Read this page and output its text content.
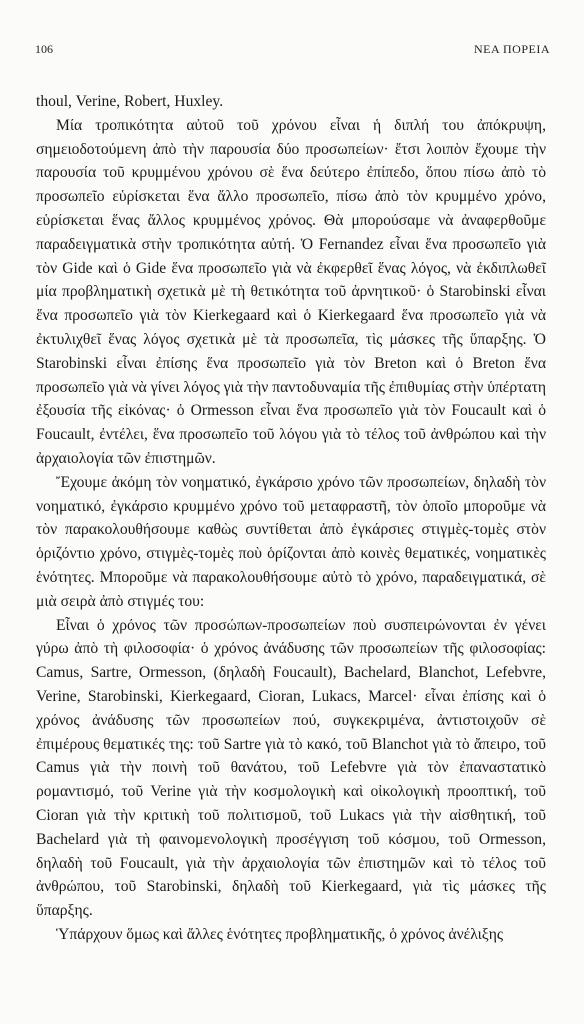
106	ΝΕΑ ΠΟΡΕΙΑ

thoul, Verine, Robert, Huxley.

Μία τροπικότητα αὐτοῦ τοῦ χρόνου εἶναι ἡ διπλή του ἀπόκρυψη, σημειοδοτούμενη ἀπὸ τὴν παρουσία δύο προσωπείων· ἔτσι λοιπὸν ἔχουμε τὴν παρουσία τοῦ κρυμμένου χρόνου σὲ ἕνα δεύτερο ἐπίπεδο, ὅπου πίσω ἀπὸ τὸ προσωπεῖο εὑρίσκεται ἕνα ἄλλο προσωπεῖο, πίσω ἀπὸ τὸν κρυμμένο χρόνο, εὑρίσκεται ἕνας ἄλλος κρυμμένος χρόνος. Θὰ μπορούσαμε νὰ ἀναφερθοῦμε παραδειγματικὰ στὴν τροπικότητα αὐτή. Ὁ Fernandez εἶναι ἕνα προσωπεῖο γιὰ τὸν Gide καὶ ὁ Gide ἕνα προσωπεῖο γιὰ νὰ ἐκφερθεῖ ἕνας λόγος, νὰ ἐκδιπλωθεῖ μία προβληματικὴ σχετικὰ μὲ τὴ θετικότητα τοῦ ἀρνητικοῦ· ὁ Starobinski εἶναι ἕνα προσωπεῖο γιὰ τὸν Kierkegaard καὶ ὁ Kierkegaard ἕνα προσωπεῖο γιὰ νὰ ἐκτυλιχθεῖ ἕνας λόγος σχετικὰ μὲ τὰ προσωπεῖα, τὶς μάσκες τῆς ὕπαρξης. Ὁ Starobinski εἶναι ἐπίσης ἕνα προσωπεῖο γιὰ τὸν Breton καὶ ὁ Breton ἕνα προσωπεῖο γιὰ νὰ γίνει λόγος γιὰ τὴν παντοδυναμία τῆς ἐπιθυμίας στὴν ὑπέρτατη ἐξουσία τῆς εἰκόνας· ὁ Ormesson εἶναι ἕνα προσωπεῖο γιὰ τὸν Foucault καὶ ὁ Foucault, ἐντέλει, ἕνα προσωπεῖο τοῦ λόγου γιὰ τὸ τέλος τοῦ ἀνθρώπου καὶ τὴν ἀρχαιολογία τῶν ἐπιστημῶν.

Ἔχουμε ἀκόμη τὸν νοηματικό, ἐγκάρσιο χρόνο τῶν προσωπείων, δηλαδὴ τὸν νοηματικό, ἐγκάρσιο κρυμμένο χρόνο τοῦ μεταφραστῆ, τὸν ὁποῖο μποροῦμε νὰ τὸν παρακολουθήσουμε καθὼς συντίθεται ἀπὸ ἐγκάρσιες στιγμὲς-τομὲς στὸν ὁριζόντιο χρόνο, στιγμὲς-τομὲς ποὺ ὁρίζονται ἀπὸ κοινὲς θεματικές, νοηματικὲς ἑνότητες. Μποροῦμε νὰ παρακολουθήσουμε αὐτὸ τὸ χρόνο, παραδειγματικά, σὲ μιὰ σειρὰ ἀπὸ στιγμές του:

Εἶναι ὁ χρόνος τῶν προσώπων-προσωπείων ποὺ συσπειρώνονται ἐν γένει γύρω ἀπὸ τὴ φιλοσοφία· ὁ χρόνος ἀνάδυσης τῶν προσωπείων τῆς φιλοσοφίας: Camus, Sartre, Ormesson, (δηλαδὴ Foucault), Bachelard, Blanchot, Lefebvre, Verine, Starobinski, Kierkegaard, Cioran, Lukacs, Marcel· εἶναι ἐπίσης καὶ ὁ χρόνος ἀνάδυσης τῶν προσωπείων πού, συγκεκριμένα, ἀντιστοιχοῦν σὲ ἐπιμέρους θεματικές της: τοῦ Sartre γιὰ τὸ κακό, τοῦ Blanchot γιὰ τὸ ἄπειρο, τοῦ Camus γιὰ τὴν ποινὴ τοῦ θανάτου, τοῦ Lefebvre γιὰ τὸν ἐπαναστατικὸ ρομαντισμό, τοῦ Verine γιὰ τὴν κοσμολογικὴ καὶ οἰκολογικὴ προοπτική, τοῦ Cioran γιὰ τὴν κριτικὴ τοῦ πολιτισμοῦ, τοῦ Lukacs γιὰ τὴν αἰσθητική, τοῦ Bachelard γιὰ τὴ φαινομενολογικὴ προσέγγιση τοῦ κόσμου, τοῦ Ormesson, δηλαδὴ τοῦ Foucault, γιὰ τὴν ἀρχαιολογία τῶν ἐπιστημῶν καὶ τὸ τέλος τοῦ ἀνθρώπου, τοῦ Starobinski, δηλαδὴ τοῦ Kierkegaard, γιὰ τὶς μάσκες τῆς ὕπαρξης.

Ὑπάρχουν ὅμως καὶ ἄλλες ἑνότητες προβληματικῆς, ὁ χρόνος ἀνέλιξης
